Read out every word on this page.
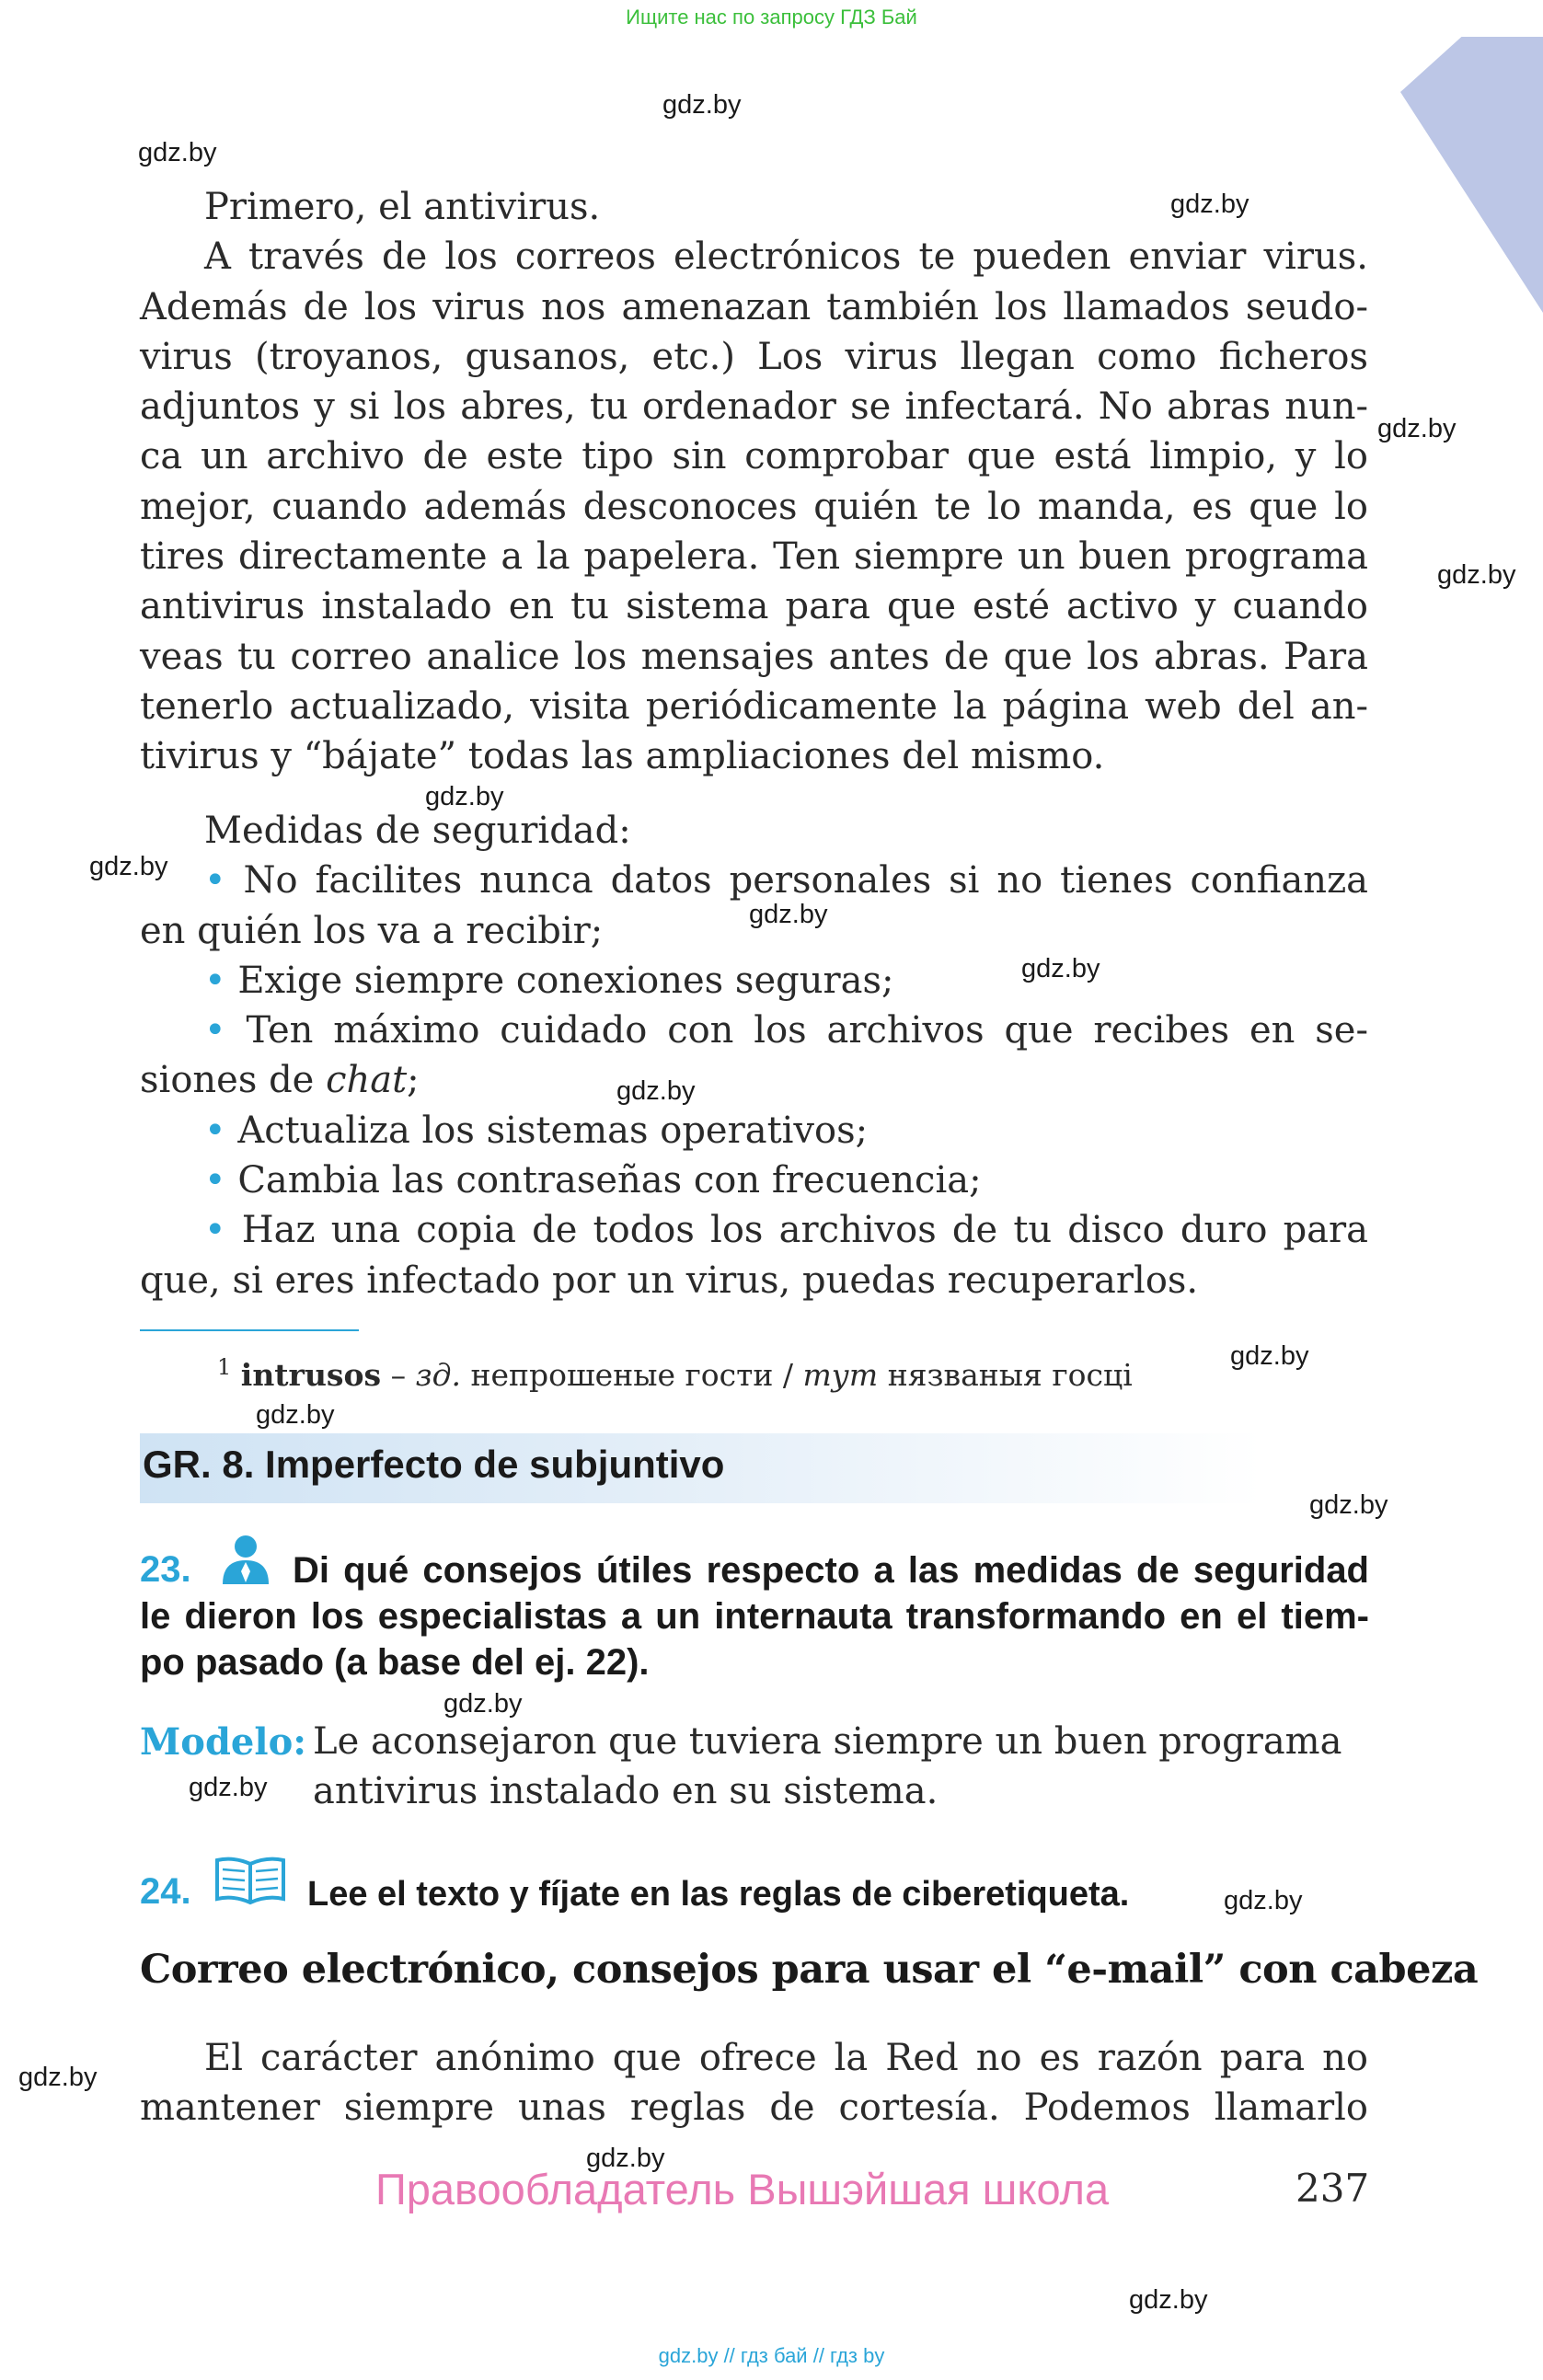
Ищите нас по запросу ГДЗ Бай
gdz.by
gdz.by
gdz.by
gdz.by
gdz.by
gdz.by
gdz.by
gdz.by
gdz.by
gdz.by
gdz.by
gdz.by
gdz.by
gdz.by
gdz.by
gdz.by
gdz.by
gdz.by
gdz.by
Primero, el antivirus.
A través de los correos electrónicos te pueden enviar virus.
Además de los virus nos amenazan también los llamados seudo-
virus (troyanos, gusanos, etc.) Los virus llegan como ficheros
adjuntos y si los abres, tu ordenador se infectará. No abras nun-
ca un archivo de este tipo sin comprobar que está limpio, y lo
mejor, cuando además desconoces quién te lo manda, es que lo
tires directamente a la papelera. Ten siempre un buen programa
antivirus instalado en tu sistema para que esté activo y cuando
veas tu correo analice los mensajes antes de que los abras. Para
tenerlo actualizado, visita periódicamente la página web del an-
tivirus y “bájate” todas las ampliaciones del mismo.
Medidas de seguridad:
• No facilites nunca datos personales si no tienes confianza
en quién los va a recibir;
• Exige siempre conexiones seguras;
• Ten máximo cuidado con los archivos que recibes en se-
siones de chat;
• Actualiza los sistemas operativos;
• Cambia las contraseñas con frecuencia;
• Haz una copia de todos los archivos de tu disco duro para
que, si eres infectado por un virus, puedas recuperarlos.
$^1$ intrusos – зд. непрошеные гости / тут нязваныя госці
GR. 8. Imperfecto de subjuntivo
23.	Di qué consejos útiles respecto a las medidas de seguridad
le dieron los especialistas a un internauta transformando en el tiem-
po pasado (a base del ej. 22).
Modelo: Le aconsejaron que tuviera siempre un buen programa
antivirus instalado en su sistema.
24.	Lee el texto y fíjate en las reglas de ciberetiqueta.
Correo electrónico, consejos para usar el “e-mail” con cabeza
El carácter anónimo que ofrece la Red no es razón para no
mantener siempre unas reglas de cortesía. Podemos llamarlo
Правообладатель Вышэйшая школа	237
gdz.by // гдз бай // гдз by
